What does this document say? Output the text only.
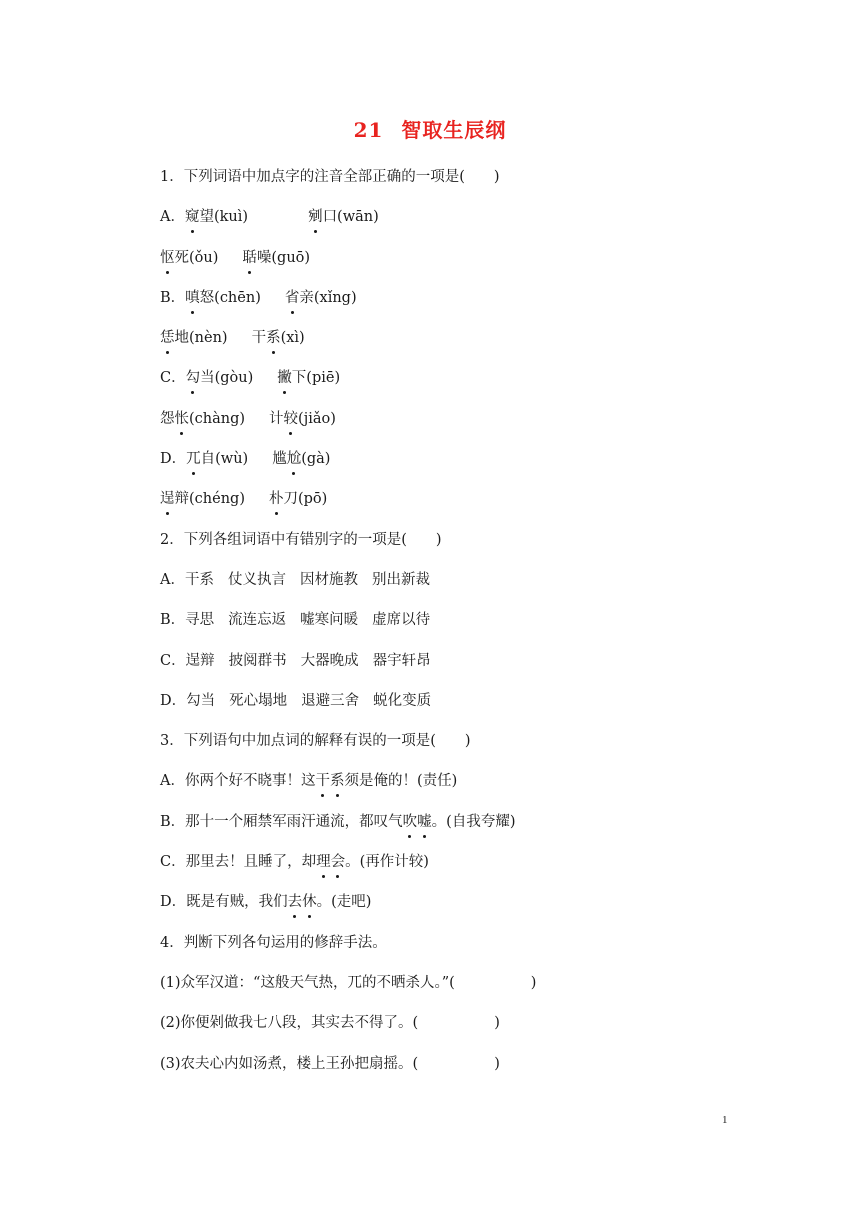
21 智取生辰纲
1．下列词语中加点字的注音全部正确的一项是(　　)
A．窥望(kuì)	剜口(wān)
怄死(ǒu) 聒噪(guō)
B．嗔怒(chēn) 省亲(xǐng)
恁地(nèn) 干系(xì)
C．勾当(gòu) 撇下(piē)
怨怅(chàng) 计较(jiǎo)
D．兀自(wù) 尴尬(gà)
逞辩(chéng) 朴刀(pō)
2．下列各组词语中有错别字的一项是(　　)
A．干系 仗义执言 因材施教 别出新裁
B．寻思 流连忘返 嘘寒问暖 虚席以待
C．逞辩 披阅群书 大器晚成 器宇轩昂
D．勾当 死心塌地 退避三舍 蜕化变质
3．下列语句中加点词的解释有误的一项是(　　)
A．你两个好不晓事！这干系须是俺的！(责任)
B．那十一个厢禁军雨汗通流，都叹气吹嘘。(自我夸耀)
C．那里去！且睡了，却理会。(再作计较)
D．既是有贼，我们去休。(走吧)
4．判断下列各句运用的修辞手法。
(1)众军汉道：“这般天气热，兀的不晒杀人。”(	)
(2)你便剁做我七八段，其实去不得了。(	)
(3)农夫心内如汤煮，楼上王孙把扇摇。(	)
1
